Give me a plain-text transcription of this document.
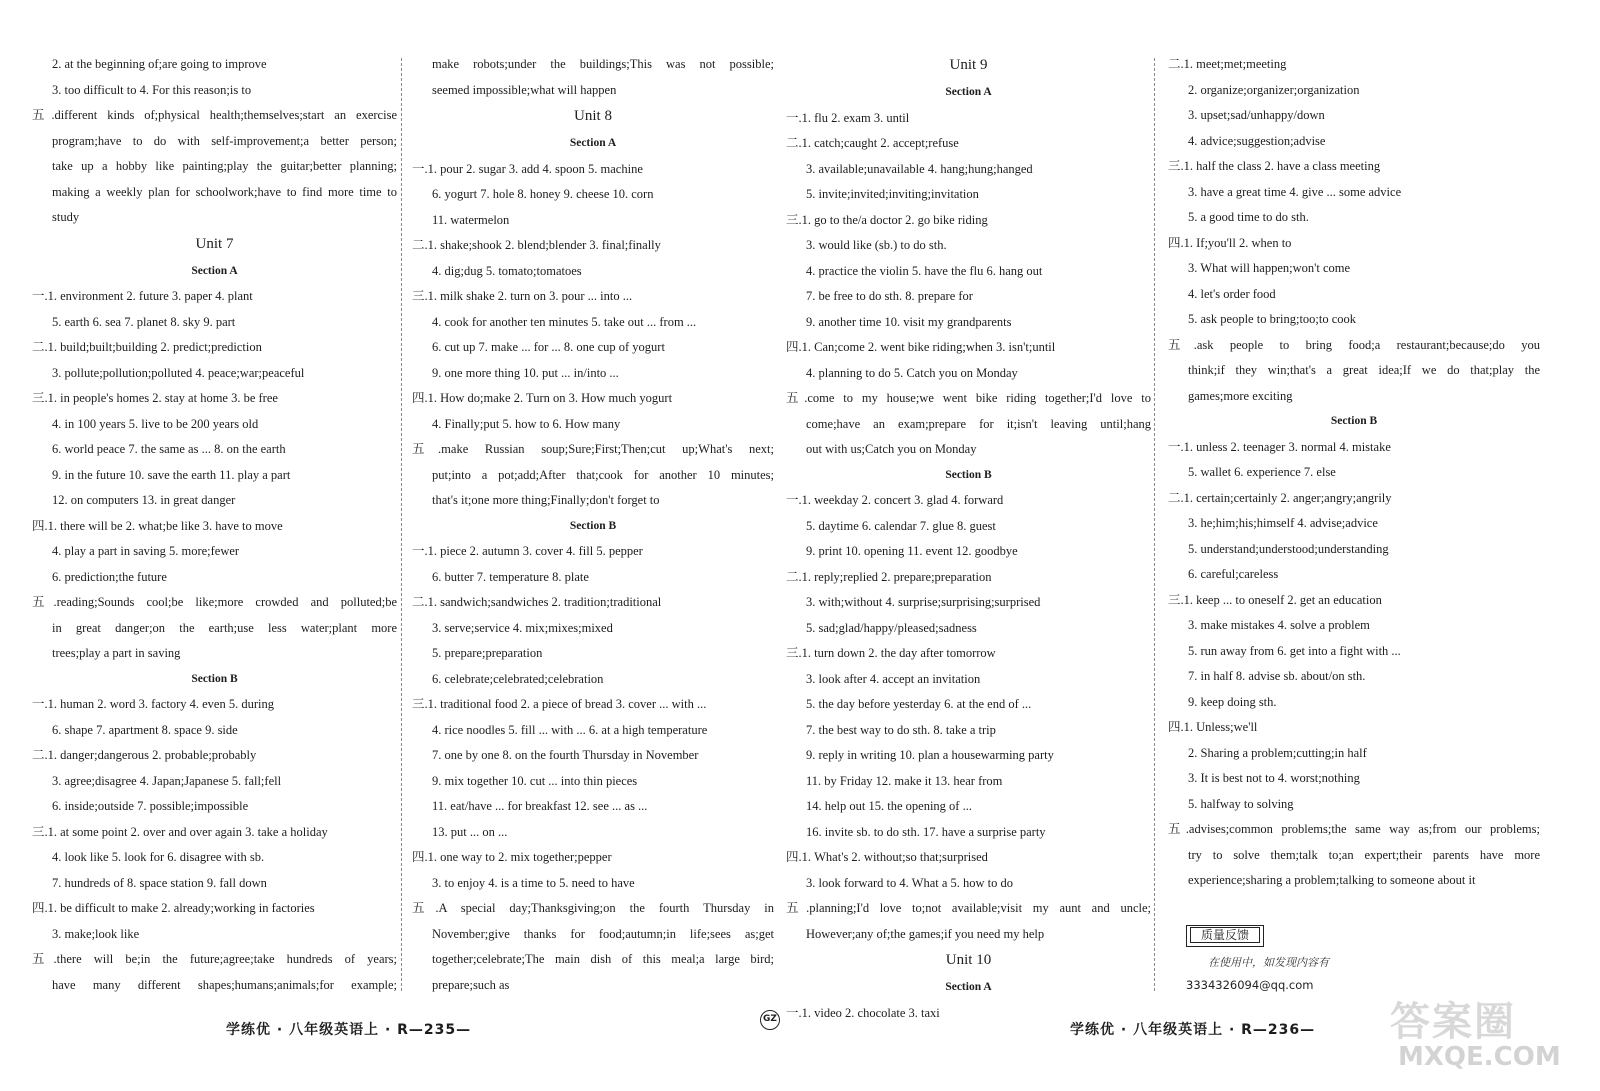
2. at the beginning of;are going to improve
3. too difficult to 4. For this reason;is to
五.different kinds of;physical health;themselves;start an exercise
program;have to do with self-improvement;a better person;
take up a hobby like painting;play the guitar;better planning;
making a weekly plan for schoolwork;have to find more time to
study
Unit 7
Section A
一.1. environment 2. future 3. paper 4. plant
5. earth 6. sea 7. planet 8. sky 9. part
二.1. build;built;building 2. predict;prediction
3. pollute;pollution;polluted 4. peace;war;peaceful
三.1. in people's homes 2. stay at home 3. be free
4. in 100 years 5. live to be 200 years old
6. world peace 7. the same as ... 8. on the earth
9. in the future 10. save the earth 11. play a part
12. on computers 13. in great danger
四.1. there will be 2. what;be like 3. have to move
4. play a part in saving 5. more;fewer
6. prediction;the future
五.reading;Sounds cool;be like;more crowded and polluted;be
in great danger;on the earth;use less water;plant more
trees;play a part in saving
Section B
一.1. human 2. word 3. factory 4. even 5. during
6. shape 7. apartment 8. space 9. side
二.1. danger;dangerous 2. probable;probably
3. agree;disagree 4. Japan;Japanese 5. fall;fell
6. inside;outside 7. possible;impossible
三.1. at some point 2. over and over again 3. take a holiday
4. look like 5. look for 6. disagree with sb.
7. hundreds of 8. space station 9. fall down
四.1. be difficult to make 2. already;working in factories
3. make;look like
五.there will be;in the future;agree;take hundreds of years;
have many different shapes;humans;animals;for example;
make robots;under the buildings;This was not possible;
seemed impossible;what will happen
Unit 8
Section A
一.1. pour 2. sugar 3. add 4. spoon 5. machine
6. yogurt 7. hole 8. honey 9. cheese 10. corn
11. watermelon
二.1. shake;shook 2. blend;blender 3. final;finally
4. dig;dug 5. tomato;tomatoes
三.1. milk shake 2. turn on 3. pour ... into ...
4. cook for another ten minutes 5. take out ... from ...
6. cut up 7. make ... for ... 8. one cup of yogurt
9. one more thing 10. put ... in/into ...
四.1. How do;make 2. Turn on 3. How much yogurt
4. Finally;put 5. how to 6. How many
五.make Russian soup;Sure;First;Then;cut up;What's next;
put;into a pot;add;After that;cook for another 10 minutes;
that's it;one more thing;Finally;don't forget to
Section B
一.1. piece 2. autumn 3. cover 4. fill 5. pepper
6. butter 7. temperature 8. plate
二.1. sandwich;sandwiches 2. tradition;traditional
3. serve;service 4. mix;mixes;mixed
5. prepare;preparation
6. celebrate;celebrated;celebration
三.1. traditional food 2. a piece of bread 3. cover ... with ...
4. rice noodles 5. fill ... with ... 6. at a high temperature
7. one by one 8. on the fourth Thursday in November
9. mix together 10. cut ... into thin pieces
11. eat/have ... for breakfast 12. see ... as ...
13. put ... on ...
四.1. one way to 2. mix together;pepper
3. to enjoy 4. is a time to 5. need to have
五.A special day;Thanksgiving;on the fourth Thursday in
November;give thanks for food;autumn;in life;sees as;get
together;celebrate;The main dish of this meal;a large bird;
prepare;such as
Unit 9
Section A
一.1. flu 2. exam 3. until
二.1. catch;caught 2. accept;refuse
3. available;unavailable 4. hang;hung;hanged
5. invite;invited;inviting;invitation
三.1. go to the/a doctor 2. go bike riding
3. would like (sb.) to do sth.
4. practice the violin 5. have the flu 6. hang out
7. be free to do sth. 8. prepare for
9. another time 10. visit my grandparents
四.1. Can;come 2. went bike riding;when 3. isn't;until
4. planning to do 5. Catch you on Monday
五.come to my house;we went bike riding together;I'd love to
come;have an exam;prepare for it;isn't leaving until;hang
out with us;Catch you on Monday
Section B
一.1. weekday 2. concert 3. glad 4. forward
5. daytime 6. calendar 7. glue 8. guest
9. print 10. opening 11. event 12. goodbye
二.1. reply;replied 2. prepare;preparation
3. with;without 4. surprise;surprising;surprised
5. sad;glad/happy/pleased;sadness
三.1. turn down 2. the day after tomorrow
3. look after 4. accept an invitation
5. the day before yesterday 6. at the end of ...
7. the best way to do sth. 8. take a trip
9. reply in writing 10. plan a housewarming party
11. by Friday 12. make it 13. hear from
14. help out 15. the opening of ...
16. invite sb. to do sth. 17. have a surprise party
四.1. What's 2. without;so that;surprised
3. look forward to 4. What a 5. how to do
五.planning;I'd love to;not available;visit my aunt and uncle;
However;any of;the games;if you need my help
Unit 10
Section A
一.1. video 2. chocolate 3. taxi
二.1. meet;met;meeting
2. organize;organizer;organization
3. upset;sad/unhappy/down
4. advice;suggestion;advise
三.1. half the class 2. have a class meeting
3. have a great time 4. give ... some advice
5. a good time to do sth.
四.1. If;you'll 2. when to
3. What will happen;won't come
4. let's order food
5. ask people to bring;too;to cook
五.ask people to bring food;a restaurant;because;do you
think;if they win;that's a great idea;If we do that;play the
games;more exciting
Section B
一.1. unless 2. teenager 3. normal 4. mistake
5. wallet 6. experience 7. else
二.1. certain;certainly 2. anger;angry;angrily
3. he;him;his;himself 4. advise;advice
5. understand;understood;understanding
6. careful;careless
三.1. keep ... to oneself 2. get an education
3. make mistakes 4. solve a problem
5. run away from 6. get into a fight with ...
7. in half 8. advise sb. about/on sth.
9. keep doing sth.
四.1. Unless;we'll
2. Sharing a problem;cutting;in half
3. It is best not to 4. worst;nothing
5. halfway to solving
五.advises;common problems;the same way as;from our problems;
try to solve them;talk to;an expert;their parents have more
experience;sharing a problem;talking to someone about it
学练优 · 八年级英语上 · R—235—
GZ
学练优 · 八年级英语上 · R—236—
质量反馈
在使用中，如发现内容有
3334326094@qq.com
答案圈
MXQE.COM
